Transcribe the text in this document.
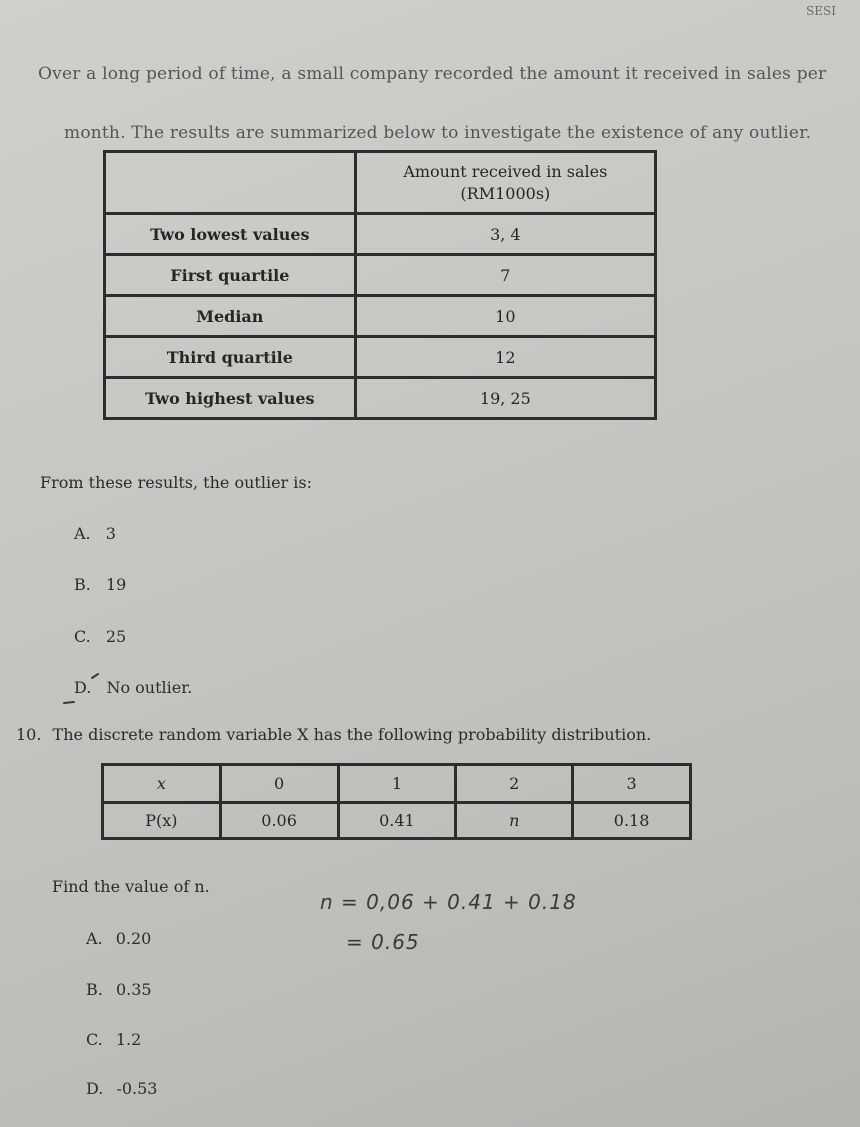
SESI
Over a long period of time, a small company recorded the amount it received in sales per
month. The results are summarized below to investigate the existence of any outlier.
	Amount received in sales (RM1000s)
Two lowest values	3, 4
First quartile	7
Median	10
Third quartile	12
Two highest values	19, 25
From these results, the outlier is:
A. 3
B. 19
C. 25
D. No outlier.
10. The discrete random variable X has the following probability distribution.
x	0	1	2	3
P(x)	0.06	0.41	n	0.18
Find the value of n.
n = 0,06 + 0.41 + 0.18
= 0.65
A. 0.20
B. 0.35
C. 1.2
D. -0.53
